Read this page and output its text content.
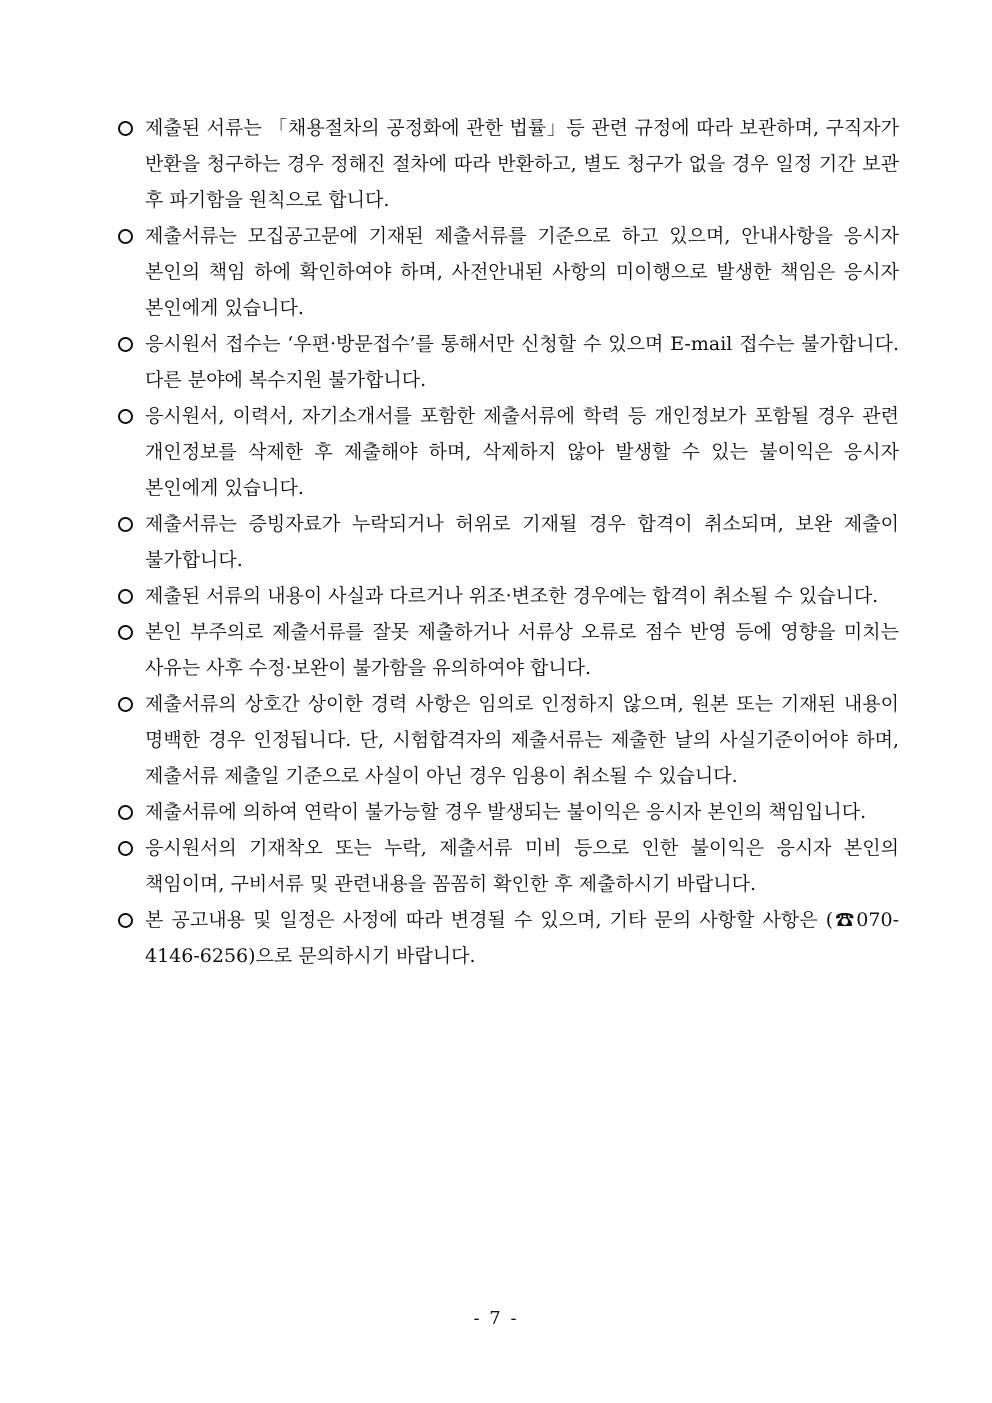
제출된 서류는 「채용절차의 공정화에 관한 법률」등 관련 규정에 따라 보관하며, 구직자가 반환을 청구하는 경우 정해진 절차에 따라 반환하고, 별도 청구가 없을 경우 일정 기간 보관 후 파기함을 원칙으로 합니다.
제출서류는 모집공고문에 기재된 제출서류를 기준으로 하고 있으며, 안내사항을 응시자 본인의 책임 하에 확인하여야 하며, 사전안내된 사항의 미이행으로 발생한 책임은 응시자 본인에게 있습니다.
응시원서 접수는 ‘우편·방문접수’를 통해서만 신청할 수 있으며 E-mail 접수는 불가합니다. 다른 분야에 복수지원 불가합니다.
응시원서, 이력서, 자기소개서를 포함한 제출서류에 학력 등 개인정보가 포함될 경우 관련 개인정보를 삭제한 후 제출해야 하며, 삭제하지 않아 발생할 수 있는 불이익은 응시자 본인에게 있습니다.
제출서류는 증빙자료가 누락되거나 허위로 기재될 경우 합격이 취소되며, 보완 제출이 불가합니다.
제출된 서류의 내용이 사실과 다르거나 위조·변조한 경우에는 합격이 취소될 수 있습니다.
본인 부주의로 제출서류를 잘못 제출하거나 서류상 오류로 점수 반영 등에 영향을 미치는 사유는 사후 수정·보완이 불가함을 유의하여야 합니다.
제출서류의 상호간 상이한 경력 사항은 임의로 인정하지 않으며, 원본 또는 기재된 내용이 명백한 경우 인정됩니다. 단, 시험합격자의 제출서류는 제출한 날의 사실기준이어야 하며, 제출서류 제출일 기준으로 사실이 아닌 경우 임용이 취소될 수 있습니다.
제출서류에 의하여 연락이 불가능할 경우 발생되는 불이익은 응시자 본인의 책임입니다.
응시원서의 기재착오 또는 누락, 제출서류 미비 등으로 인한 불이익은 응시자 본인의 책임이며, 구비서류 및 관련내용을 꼼꼼히 확인한 후 제출하시기 바랍니다.
본 공고내용 및 일정은 사정에 따라 변경될 수 있으며, 기타 문의 사항할 사항은 (☎070-4146-6256)으로 문의하시기 바랍니다.
- 7 -
